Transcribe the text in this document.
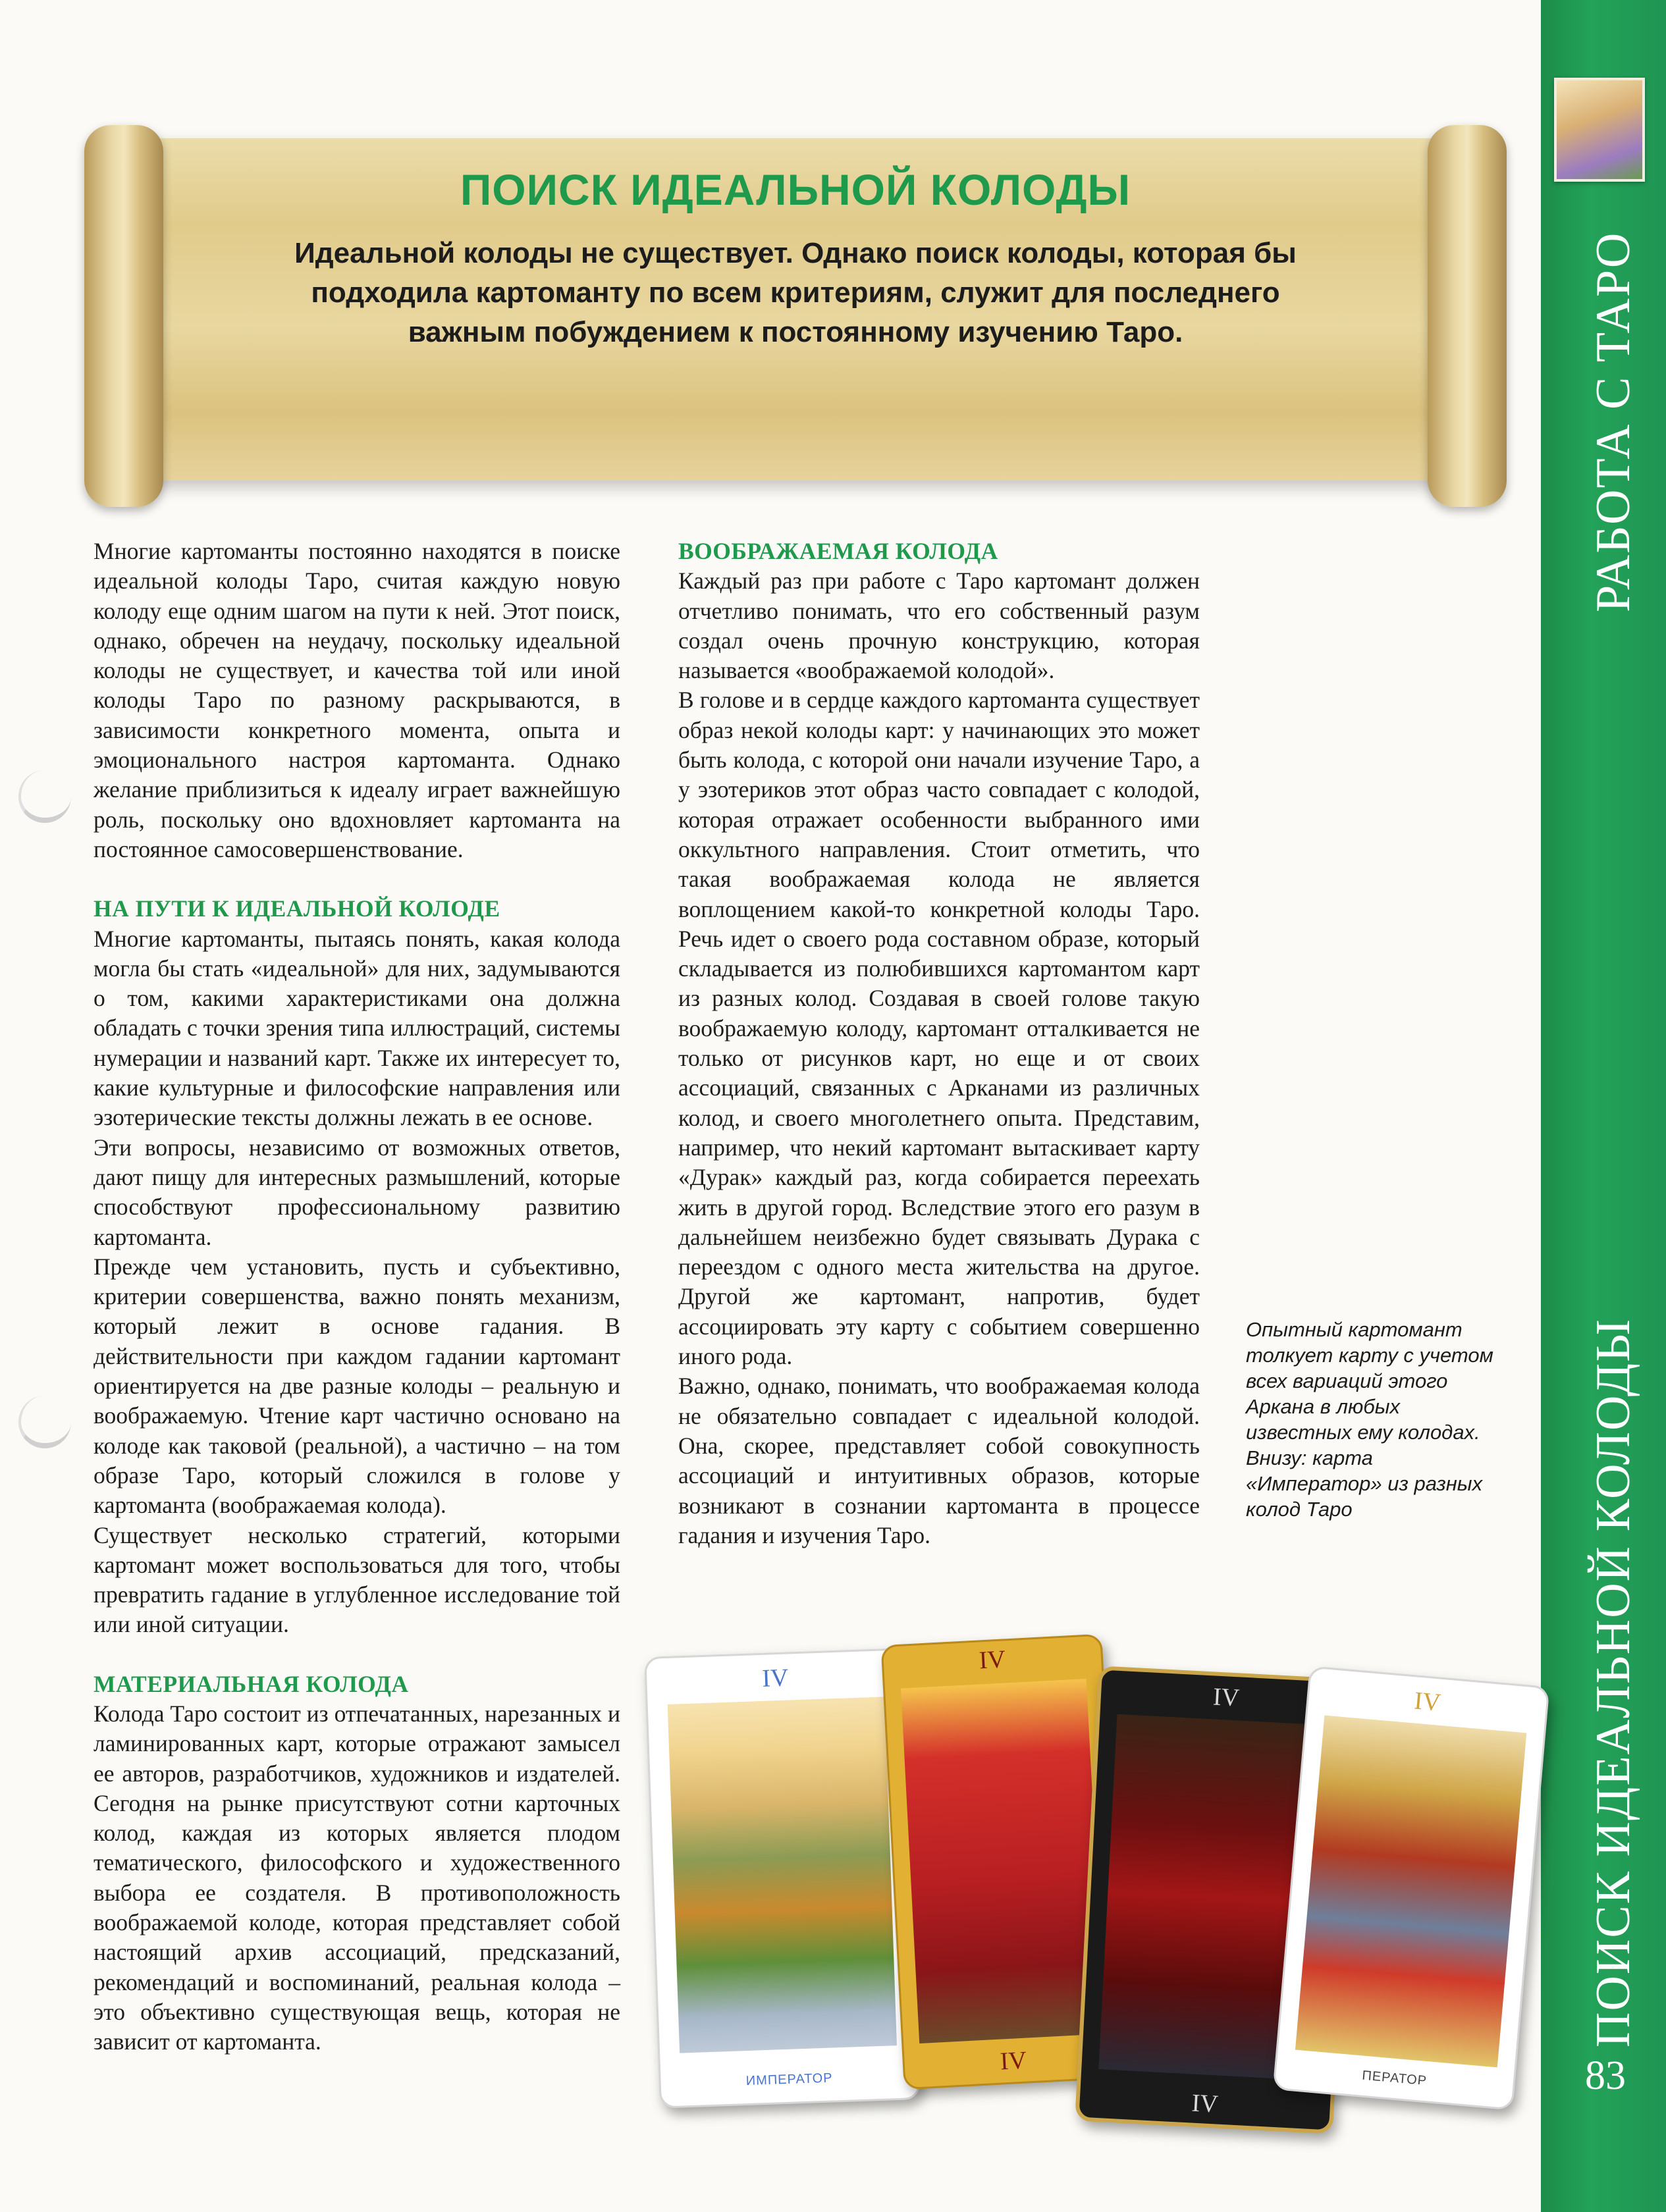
РАБОТА С ТАРО
ПОИСК ИДЕАЛЬНОЙ КОЛОДЫ
83
ПОИСК ИДЕАЛЬНОЙ КОЛОДЫ
Идеальной колоды не существует. Однако поиск колоды, которая бы подходила картоманту по всем критериям, служит для последнего важным побуждением к постоянному изучению Таро.

Многие картоманты постоянно находятся в поиске идеальной колоды Таро, считая каждую новую колоду еще одним шагом на пути к ней. Этот поиск, однако, обречен на неудачу, поскольку идеальной колоды не существует, и качества той или иной колоды Таро по разному раскрываются, в зависимости конкретного момента, опыта и эмоционального настроя картоманта. Однако желание приблизиться к идеалу играет важнейшую роль, поскольку оно вдохновляет картоманта на постоянное самосовершенствование.

НА ПУТИ К ИДЕАЛЬНОЙ КОЛОДЕ

Многие картоманты, пытаясь понять, какая колода могла бы стать «идеальной» для них, задумываются о том, какими характеристиками она должна обладать с точки зрения типа иллюстраций, системы нумерации и названий карт. Также их интересует то, какие культурные и философские направления или эзотерические тексты должны лежать в ее основе.

Эти вопросы, независимо от возможных ответов, дают пищу для интересных размышлений, которые способствуют профессиональному развитию картоманта.

Прежде чем установить, пусть и субъективно, критерии совершенства, важно понять механизм, который лежит в основе гадания. В действительности при каждом гадании картомант ориентируется на две разные колоды – реальную и воображаемую. Чтение карт частично основано на колоде как таковой (реальной), а частично – на том образе Таро, который сложился в голове у картоманта (воображаемая колода).

Существует несколько стратегий, которыми картомант может воспользоваться для того, чтобы превратить гадание в углубленное исследование той или иной ситуации.

МАТЕРИАЛЬНАЯ КОЛОДА

Колода Таро состоит из отпечатанных, нарезанных и ламинированных карт, которые отражают замысел ее авторов, разработчиков, художников и издателей. Сегодня на рынке присутствуют сотни карточных колод, каждая из которых является плодом тематического, философского и художественного выбора ее создателя. В противоположность воображаемой колоде, которая представляет собой настоящий архив ассоциаций, предсказаний, рекомендаций и воспоминаний, реальная колода – это объективно существующая вещь, которая не зависит от картоманта.

ВООБРАЖАЕМАЯ КОЛОДА

Каждый раз при работе с Таро картомант должен отчетливо понимать, что его собственный разум создал очень прочную конструкцию, которая называется «воображаемой колодой».

В голове и в сердце каждого картоманта существует образ некой колоды карт: у начинающих это может быть колода, с которой они начали изучение Таро, а у эзотериков этот образ часто совпадает с колодой, которая отражает особенности выбранного ими оккультного направления. Стоит отметить, что такая воображаемая колода не является воплощением какой-то конкретной колоды Таро. Речь идет о своего рода составном образе, который складывается из полюбившихся картомантом карт из разных колод. Создавая в своей голове такую воображаемую колоду, картомант отталкивается не только от рисунков карт, но еще и от своих ассоциаций, связанных с Арканами из различных колод, и своего многолетнего опыта. Представим, например, что некий картомант вытаскивает карту «Дурак» каждый раз, когда собирается переехать жить в другой город. Вследствие этого его разум в дальнейшем неизбежно будет связывать Дурака с переездом с одного места жительства на другое. Другой же картомант, напротив, будет ассоциировать эту карту с событием совершенно иного рода.

Важно, однако, понимать, что воображаемая колода не обязательно совпадает с идеальной колодой. Она, скорее, представляет собой совокупность ассоциаций и интуитивных образов, которые возникают в сознании картоманта в процессе гадания и изучения Таро.

Опытный картомант толкует карту с учетом всех вариаций этого Аркана в любых известных ему колодах.

Внизу: карта «Император» из разных колод Таро

IV
ИМПЕРАТОР
IV
IV
IV
IV
IV
ПЕРАТОР
